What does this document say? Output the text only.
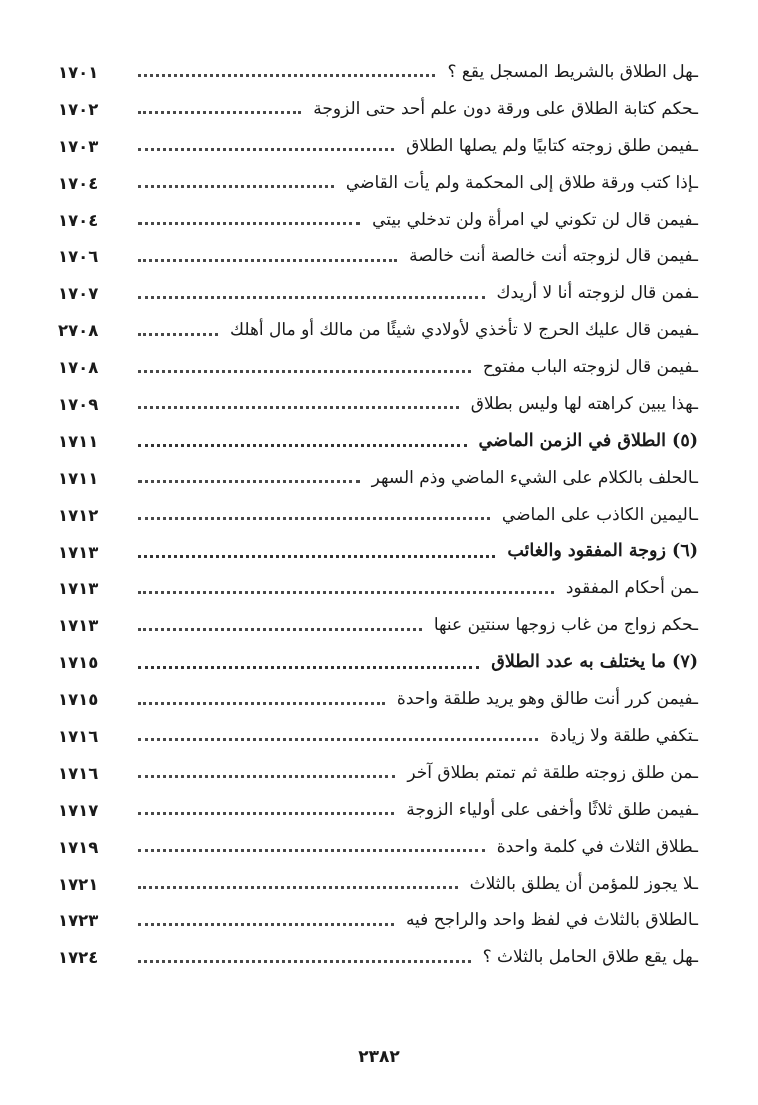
ـهل الطلاق بالشريط المسجل يقع ؟
١٧٠١
ـحكم كتابة الطلاق على ورقة دون علم أحد حتى الزوجة
١٧٠٢
ـفيمن طلق زوجته كتابيًا ولم يصلها الطلاق
١٧٠٣
ـإذا كتب ورقة طلاق إلى المحكمة ولم يأت القاضي
١٧٠٤
ـفيمن قال لن تكوني لي امرأة ولن تدخلي بيتي
١٧٠٤
ـفيمن قال لزوجته أنت خالصة أنت خالصة
١٧٠٦
ـفمن قال لزوجته أنا لا أريدك
١٧٠٧
ـفيمن قال عليك الحرج لا تأخذي لأولادي شيئًا من مالك أو مال أهلك
٢٧٠٨
ـفيمن قال لزوجته الباب مفتوح
١٧٠٨
ـهذا يبين كراهته لها وليس بطلاق
١٧٠٩
(٥) الطلاق في الزمن الماضي
١٧١١
ـالحلف بالكلام على الشيء الماضي وذم السهر
١٧١١
ـاليمين الكاذب على الماضي
١٧١٢
(٦) زوجة المفقود والغائب
١٧١٣
ـمن أحكام المفقود
١٧١٣
ـحكم زواج من غاب زوجها سنتين عنها
١٧١٣
(٧) ما يختلف به عدد الطلاق
١٧١٥
ـفيمن كرر أنت طالق وهو يريد طلقة واحدة
١٧١٥
ـتكفي طلقة ولا زيادة
١٧١٦
ـمن طلق زوجته طلقة ثم تمتم بطلاق آخر
١٧١٦
ـفيمن طلق ثلاثًا وأخفى على أولياء الزوجة
١٧١٧
ـطلاق الثلاث في كلمة واحدة
١٧١٩
ـلا يجوز للمؤمن أن يطلق بالثلاث
١٧٢١
ـالطلاق بالثلاث في لفظ واحد والراجح فيه
١٧٢٣
ـهل يقع طلاق الحامل بالثلاث ؟
١٧٢٤
٢٣٨٢
